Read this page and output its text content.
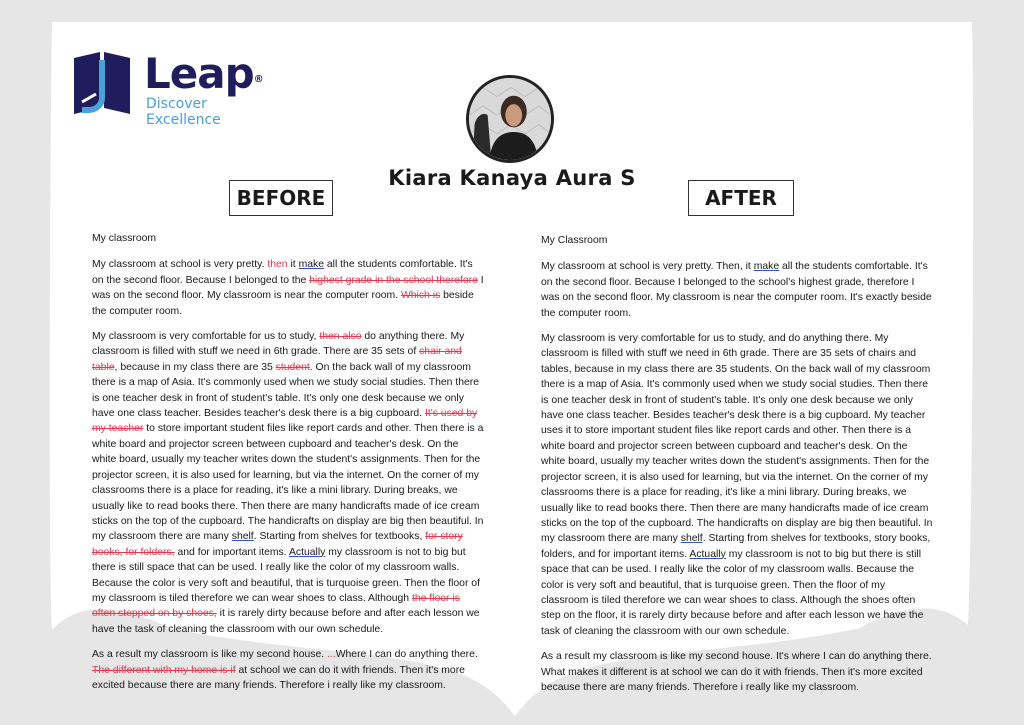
Leap®
Discover
Excellence
Kiara Kanaya Aura S
BEFORE	AFTER

My classroom

My classroom at school is very pretty. then it make all the students comfortable. It's on the second floor. Because I belonged to the highest grade in the school therefore I was on the second floor. My classroom is near the computer room. Which is beside the computer room.

My classroom is very comfortable for us to study, then also do anything there. My classroom is filled with stuff we need in 6th grade. There are 35 sets of chair and table, because in my class there are 35 student. On the back wall of my classroom there is a map of Asia. It's commonly used when we study social studies. Then there is one teacher desk in front of student's table. It's only one desk because we only have one class teacher. Besides teacher's desk there is a big cupboard. It's used by my teacher to store important student files like report cards and other. Then there is a white board and projector screen between cupboard and teacher's desk. On the white board, usually my teacher writes down the student's assignments. Then for the projector screen, it is also used for learning, but via the internet. On the corner of my classrooms there is a place for reading, it's like a mini library. During breaks, we usually like to read books there. Then there are many handicrafts made of ice cream sticks on the top of the cupboard. The handicrafts on display are big then beautiful. In my classroom there are many shelf. Starting from shelves for textbooks, for story books, for folders, and for important items. Actually my classroom is not to big but there is still space that can be used. I really like the color of my classroom walls. Because the color is very soft and beautiful, that is turquoise green. Then the floor of my classroom is tiled therefore we can wear shoes to class. Although the floor is often stepped on by shoes, it is rarely dirty because before and after each lesson we have the task of cleaning the classroom with our own schedule.

As a result my classroom is like my second house. ...Where I can do anything there. The different with my home is if at school we can do it with friends. Then it's more excited because there are many friends. Therefore i really like my classroom.

My Classroom

My classroom at school is very pretty. Then, it make all the students comfortable. It's on the second floor. Because I belonged to the school's highest grade, therefore I was on the second floor. My classroom is near the computer room. It's exactly beside the computer room.

My classroom is very comfortable for us to study, and do anything there. My classroom is filled with stuff we need in 6th grade. There are 35 sets of chairs and tables, because in my class there are 35 students. On the back wall of my classroom there is a map of Asia. It's commonly used when we study social studies. Then there is one teacher desk in front of student's table. It's only one desk because we only have one class teacher. Besides teacher's desk there is a big cupboard. My teacher uses it to store important student files like report cards and other. Then there is a white board and projector screen between cupboard and teacher's desk. On the white board, usually my teacher writes down the student's assignments. Then for the projector screen, it is also used for learning, but via the internet. On the corner of my classrooms there is a place for reading, it's like a mini library. During breaks, we usually like to read books there. Then there are many handicrafts made of ice cream sticks on the top of the cupboard. The handicrafts on display are big then beautiful. In my classroom there are many shelf. Starting from shelves for textbooks, story books, folders, and for important items. Actually my classroom is not to big but there is still space that can be used. I really like the color of my classroom walls. Because the color is very soft and beautiful, that is turquoise green. Then the floor of my classroom is tiled therefore we can wear shoes to class. Although the shoes often step on the floor, it is rarely dirty because before and after each lesson we have the task of cleaning the classroom with our own schedule.

As a result my classroom is like my second house. It's where I can do anything there. What makes it different is at school we can do it with friends. Then it's more excited because there are many friends. Therefore i really like my classroom.
